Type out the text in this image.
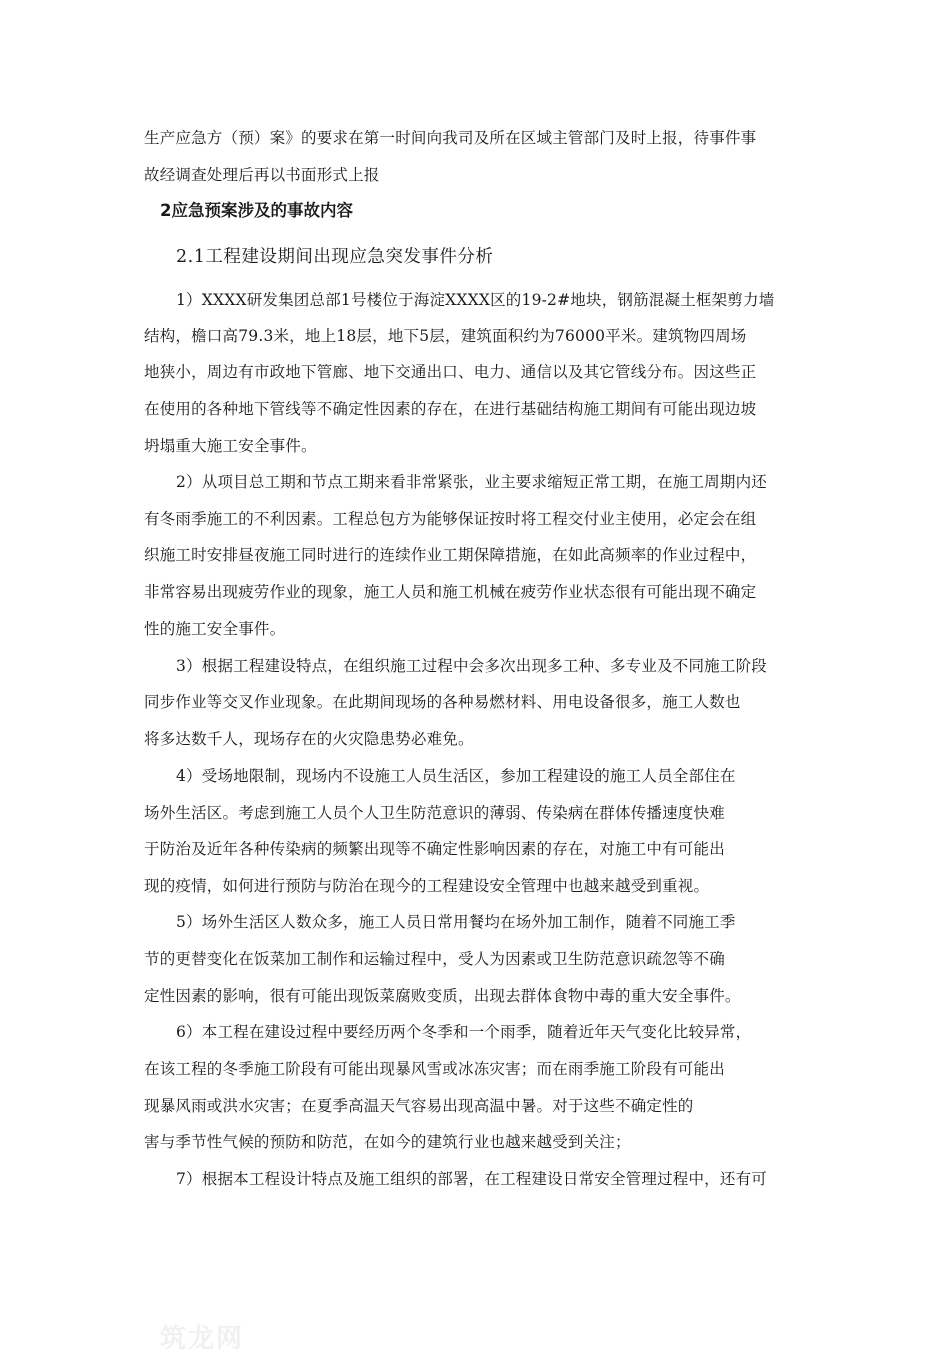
生产应急方（预）案》的要求在第一时间向我司及所在区域主管部门及时上报，待事件事
故经调查处理后再以书面形式上报
2应急预案涉及的事故内容
2.1工程建设期间出现应急突发事件分析
1）XXXX研发集团总部1号楼位于海淀XXXX区的19-2#地块，钢筋混凝土框架剪力墙
结构，檐口高79.3米，地上18层，地下5层，建筑面积约为76000平米。建筑物四周场
地狭小，周边有市政地下管廊、地下交通出口、电力、通信以及其它管线分布。因这些正
在使用的各种地下管线等不确定性因素的存在，在进行基础结构施工期间有可能出现边坡
坍塌重大施工安全事件。
2）从项目总工期和节点工期来看非常紧张，业主要求缩短正常工期，在施工周期内还
有冬雨季施工的不利因素。工程总包方为能够保证按时将工程交付业主使用，必定会在组
织施工时安排昼夜施工同时进行的连续作业工期保障措施，在如此高频率的作业过程中，
非常容易出现疲劳作业的现象，施工人员和施工机械在疲劳作业状态很有可能出现不确定
性的施工安全事件。
3）根据工程建设特点，在组织施工过程中会多次出现多工种、多专业及不同施工阶段
同步作业等交叉作业现象。在此期间现场的各种易燃材料、用电设备很多，施工人数也
将多达数千人，现场存在的火灾隐患势必难免。
4）受场地限制，现场内不设施工人员生活区，参加工程建设的施工人员全部住在
场外生活区。考虑到施工人员个人卫生防范意识的薄弱、传染病在群体传播速度快难
于防治及近年各种传染病的频繁出现等不确定性影响因素的存在，对施工中有可能出
现的疫情，如何进行预防与防治在现今的工程建设安全管理中也越来越受到重视。
5）场外生活区人数众多，施工人员日常用餐均在场外加工制作，随着不同施工季
节的更替变化在饭菜加工制作和运输过程中，受人为因素或卫生防范意识疏忽等不确
定性因素的影响，很有可能出现饭菜腐败变质，出现去群体食物中毒的重大安全事件。
6）本工程在建设过程中要经历两个冬季和一个雨季，随着近年天气变化比较异常，
在该工程的冬季施工阶段有可能出现暴风雪或冰冻灾害；而在雨季施工阶段有可能出
现暴风雨或洪水灾害；在夏季高温天气容易出现高温中暑。对于这些不确定性的
害与季节性气候的预防和防范，在如今的建筑行业也越来越受到关注；
7）根据本工程设计特点及施工组织的部署，在工程建设日常安全管理过程中，还有可
筑龙网
